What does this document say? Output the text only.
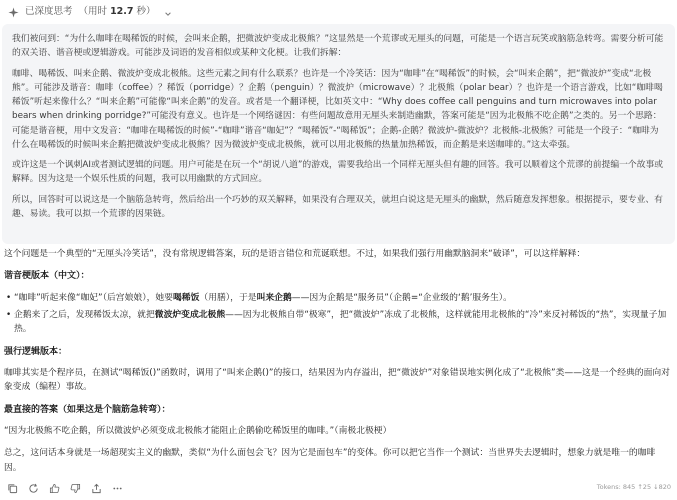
已深度思考 （用时 12.7 秒）

我们被问到：“为什么咖啡在喝稀饭的时候，会叫来企鹅，把微波炉变成北极熊？”这显然是一个荒谬或无厘头的问题，可能是一个语言玩笑或脑筋急转弯。需要分析可能的双关语、谐音梗或逻辑游戏。可能涉及词语的发音相似或某种文化梗。让我们拆解：

咖啡、喝稀饭、叫来企鹅、微波炉变成北极熊。这些元素之间有什么联系？也许是一个冷笑话：因为“咖啡”在“喝稀饭”的时候，会“叫来企鹅”，把“微波炉”变成“北极熊”。可能涉及谐音：咖啡（coffee）？稀饭（porridge）？企鹅（penguin）？微波炉（microwave）？北极熊（polar bear）？也许是一个语言游戏，比如“咖啡喝稀饭”听起来像什么？“叫来企鹅”可能像“叫来企鹅”的发音。或者是一个翻译梗，比如英文中：“Why does coffee call penguins and turn microwaves into polar bears when drinking porridge?”可能没有意义。也许是一个网络谜因：有些问题故意用无厘头来制造幽默，答案可能是“因为北极熊不吃企鹅”之类的。另一个思路：可能是谐音梗，用中文发音：“咖啡在喝稀饭的时候”-“咖啡”谐音“咖妃”？“喝稀饭”-“喝稀饭”；企鹅-企鹅？微波炉-微波炉？北极熊-北极熊？可能是一个段子：“咖啡为什么在喝稀饭的时候叫来企鹅把微波炉变成北极熊？因为微波炉变成北极熊，就可以用北极熊的热量加热稀饭，而企鹅是来送咖啡的。”这太牵强。

或许这是一个讽刺AI或者测试逻辑的问题。用户可能是在玩一个“胡说八道”的游戏，需要我给出一个同样无厘头但有趣的回答。我可以顺着这个荒谬的前提编一个故事或解释。因为这是一个娱乐性质的问题，我可以用幽默的方式回应。

所以，回答时可以说这是一个脑筋急转弯，然后给出一个巧妙的双关解释，如果没有合理双关，就坦白说这是无厘头的幽默，然后随意发挥想象。根据提示，要专业、有趣、易读。我可以拟一个荒谬的因果链。

这个问题是一个典型的“无厘头冷笑话”，没有常规逻辑答案，玩的是语言错位和荒诞联想。不过，如果我们强行用幽默脑洞来“破译”，可以这样解释：

谐音梗版本（中文）：
• “咖啡”听起来像“咖妃”（后宫娘娘），她要喝稀饭（用膳），于是叫来企鹅——因为企鹅是“服务员”（企鹅=“企业级的‘鹅’服务生）。
• 企鹅来了之后，发现稀饭太凉，就把微波炉变成北极熊——因为北极熊自带“极寒”，把“微波炉”冻成了北极熊，这样就能用北极熊的“冷”来反衬稀饭的“热”，实现量子加热。
强行逻辑版本：

咖啡其实是个程序员，在测试“喝稀饭()”函数时，调用了“叫来企鹅()”的接口，结果因为内存溢出，把“微波炉”对象错误地实例化成了“北极熊”类——这是一个经典的面向对象变成（编程）事故。

最直接的答案（如果这是个脑筋急转弯）：

“因为北极熊不吃企鹅，所以微波炉必须变成北极熊才能阻止企鹅偷吃稀饭里的咖啡。”（南极北极梗）

总之，这问话本身就是一场超现实主义的幽默，类似“为什么面包会飞？因为它是面包车”的变体。你可以把它当作一个测试：当世界失去逻辑时，想象力就是唯一的咖啡因。

Tokens: 845 ↑25 ↓820
